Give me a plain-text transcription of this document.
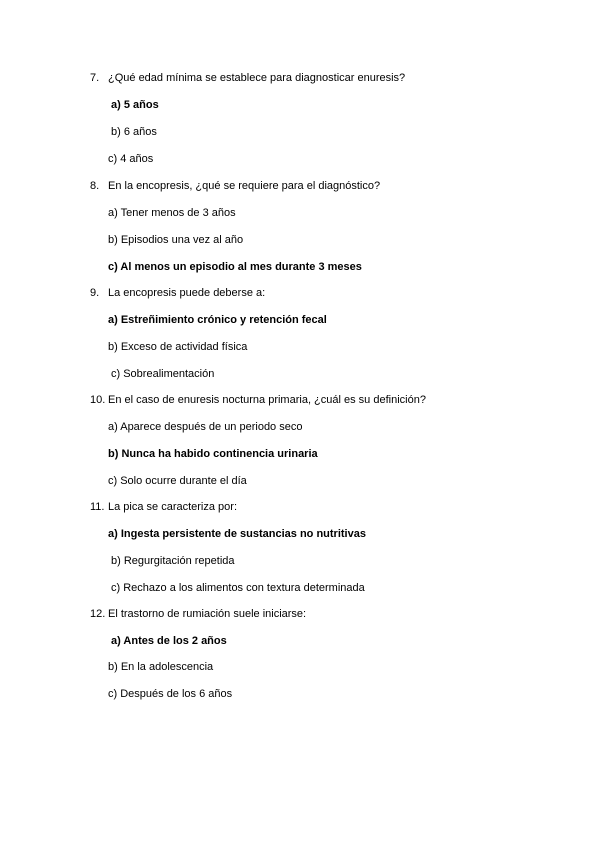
7. ¿Qué edad mínima se establece para diagnosticar enuresis?
a) 5 años
b) 6 años
c) 4 años
8. En la encopresis, ¿qué se requiere para el diagnóstico?
a) Tener menos de 3 años
b) Episodios una vez al año
c) Al menos un episodio al mes durante 3 meses
9. La encopresis puede deberse a:
a) Estreñimiento crónico y retención fecal
b) Exceso de actividad física
c) Sobrealimentación
10. En el caso de enuresis nocturna primaria, ¿cuál es su definición?
a) Aparece después de un periodo seco
b) Nunca ha habido continencia urinaria
c) Solo ocurre durante el día
11. La pica se caracteriza por:
a) Ingesta persistente de sustancias no nutritivas
b) Regurgitación repetida
c) Rechazo a los alimentos con textura determinada
12. El trastorno de rumiación suele iniciarse:
a) Antes de los 2 años
b) En la adolescencia
c) Después de los 6 años
